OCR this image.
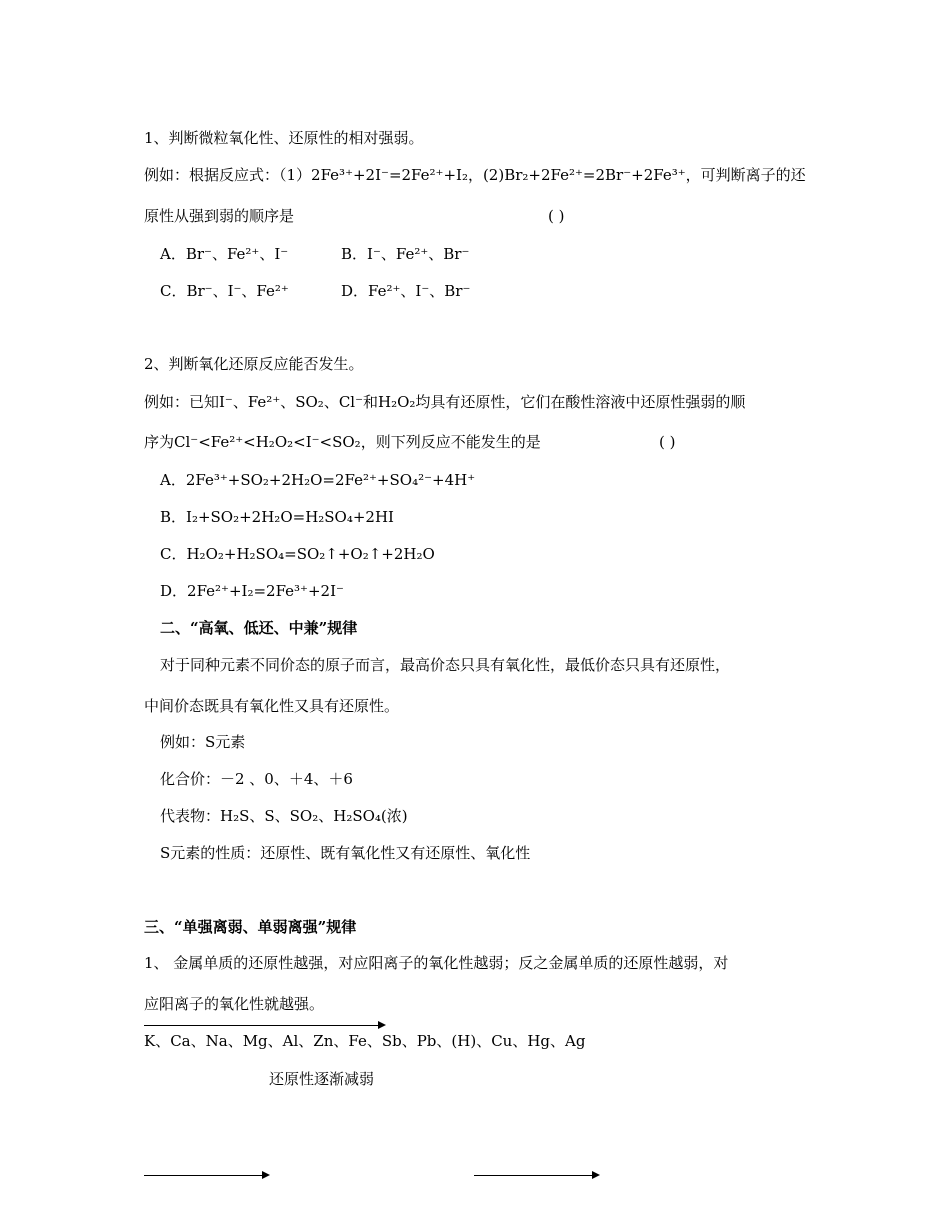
1、判断微粒氧化性、还原性的相对强弱。
例如：根据反应式：（1）2Fe³⁺+2I⁻=2Fe²⁺+I₂，(2)Br₂+2Fe²⁺=2Br⁻+2Fe³⁺，可判断离子的还
原性从强到弱的顺序是	( )
A．Br⁻、Fe²⁺、I⁻	B．I⁻、Fe²⁺、Br⁻
C．Br⁻、I⁻、Fe²⁺	D．Fe²⁺、I⁻、Br⁻
2、判断氧化还原反应能否发生。
例如：已知I⁻、Fe²⁺、SO₂、Cl⁻和H₂O₂均具有还原性，它们在酸性溶液中还原性强弱的顺
序为Cl⁻<Fe²⁺<H₂O₂<I⁻<SO₂，则下列反应不能发生的是	( )
A．2Fe³⁺+SO₂+2H₂O=2Fe²⁺+SO₄²⁻+4H⁺
B．I₂+SO₂+2H₂O=H₂SO₄+2HI
C．H₂O₂+H₂SO₄=SO₂↑+O₂↑+2H₂O
D．2Fe²⁺+I₂=2Fe³⁺+2I⁻
二、“高氧、低还、中兼”规律
对于同种元素不同价态的原子而言，最高价态只具有氧化性，最低价态只具有还原性，
中间价态既具有氧化性又具有还原性。
例如：S元素
化合价：－2 、0、＋4、＋6
代表物：H₂S、S、SO₂、H₂SO₄(浓)
S元素的性质：还原性、既有氧化性又有还原性、氧化性
三、“单强离弱、单弱离强”规律
1、 金属单质的还原性越强，对应阳离子的氧化性越弱；反之金属单质的还原性越弱，对
应阳离子的氧化性就越强。
K、Ca、Na、Mg、Al、Zn、Fe、Sb、Pb、(H)、Cu、Hg、Ag
还原性逐渐减弱
